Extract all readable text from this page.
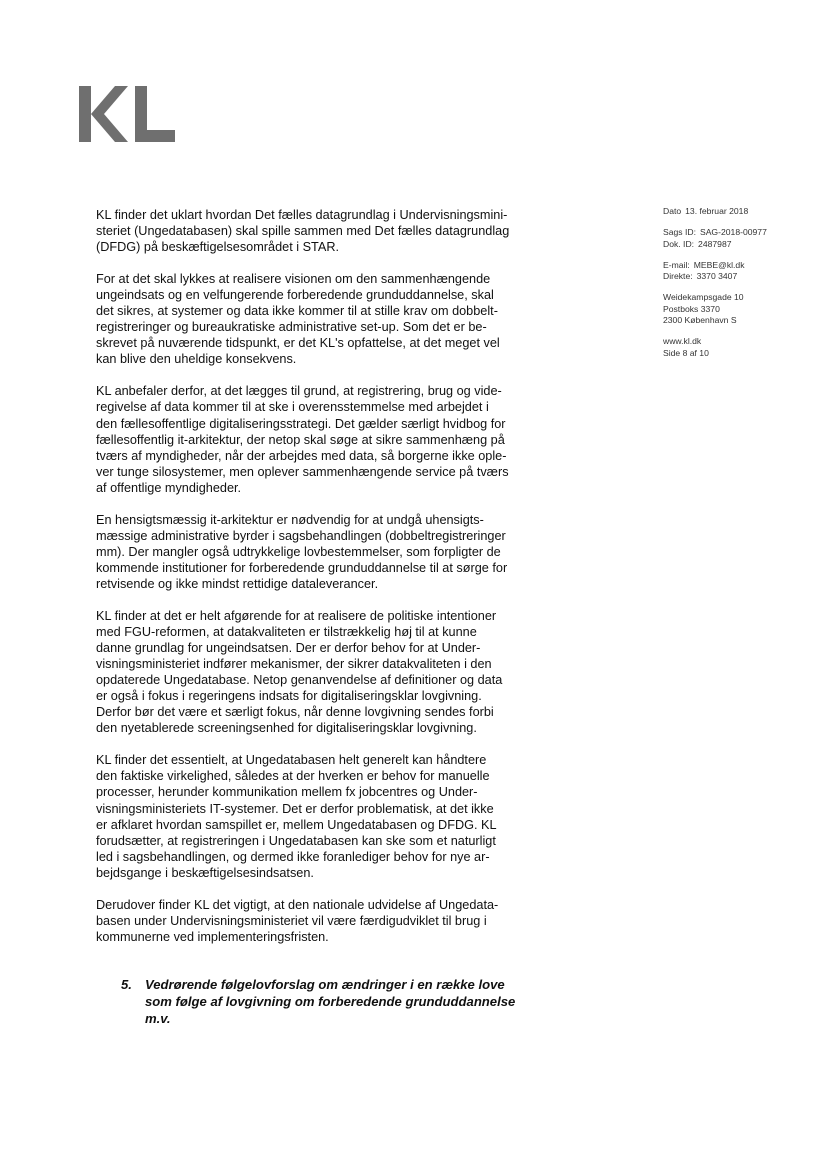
Dato 13. februar 2018
Sags ID: SAG-2018-00977
Dok. ID: 2487987
E-mail: MEBE@kl.dk
Direkte: 3370 3407
Weidekampsgade 10
Postboks 3370
2300 København S
www.kl.dk
Side 8 af 10
KL finder det uklart hvordan Det fælles datagrundlag i Undervisningsmini-
steriet (Ungedatabasen) skal spille sammen med Det fælles datagrundlag
(DFDG) på beskæftigelsesområdet i STAR.
For at det skal lykkes at realisere visionen om den sammenhængende
ungeindsats og en velfungerende forberedende grunduddannelse, skal
det sikres, at systemer og data ikke kommer til at stille krav om dobbelt-
registreringer og bureaukratiske administrative set-up. Som det er be-
skrevet på nuværende tidspunkt, er det KL's opfattelse, at det meget vel
kan blive den uheldige konsekvens.
KL anbefaler derfor, at det lægges til grund, at registrering, brug og vide-
regivelse af data kommer til at ske i overensstemmelse med arbejdet i
den fællesoffentlige digitaliseringsstrategi. Det gælder særligt hvidbog for
fællesoffentlig it-arkitektur, der netop skal søge at sikre sammenhæng på
tværs af myndigheder, når der arbejdes med data, så borgerne ikke ople-
ver tunge silosystemer, men oplever sammenhængende service på tværs
af offentlige myndigheder.
En hensigtsmæssig it-arkitektur er nødvendig for at undgå uhensigts-
mæssige administrative byrder i sagsbehandlingen (dobbeltregistreringer
mm). Der mangler også udtrykkelige lovbestemmelser, som forpligter de
kommende institutioner for forberedende grunduddannelse til at sørge for
retvisende og ikke mindst rettidige dataleverancer.
KL finder at det er helt afgørende for at realisere de politiske intentioner
med FGU-reformen, at datakvaliteten er tilstrækkelig høj til at kunne
danne grundlag for ungeindsatsen. Der er derfor behov for at Under-
visningsministeriet indfører mekanismer, der sikrer datakvaliteten i den
opdaterede Ungedatabase. Netop genanvendelse af definitioner og data
er også i fokus i regeringens indsats for digitaliseringsklar lovgivning.
Derfor bør det være et særligt fokus, når denne lovgivning sendes forbi
den nyetablerede screeningsenhed for digitaliseringsklar lovgivning.
KL finder det essentielt, at Ungedatabasen helt generelt kan håndtere
den faktiske virkelighed, således at der hverken er behov for manuelle
processer, herunder kommunikation mellem fx jobcentres og Under-
visningsministeriets IT-systemer. Det er derfor problematisk, at det ikke
er afklaret hvordan samspillet er, mellem Ungedatabasen og DFDG. KL
forudsætter, at registreringen i Ungedatabasen kan ske som et naturligt
led i sagsbehandlingen, og dermed ikke foranlediger behov for nye ar-
bejdsgange i beskæftigelsesindsatsen.
Derudover finder KL det vigtigt, at den nationale udvidelse af Ungedata-
basen under Undervisningsministeriet vil være færdigudviklet til brug i
kommunerne ved implementeringsfristen.
5. Vedrørende følgelovforslag om ændringer i en række love
som følge af lovgivning om forberedende grunduddannelse
m.v.
